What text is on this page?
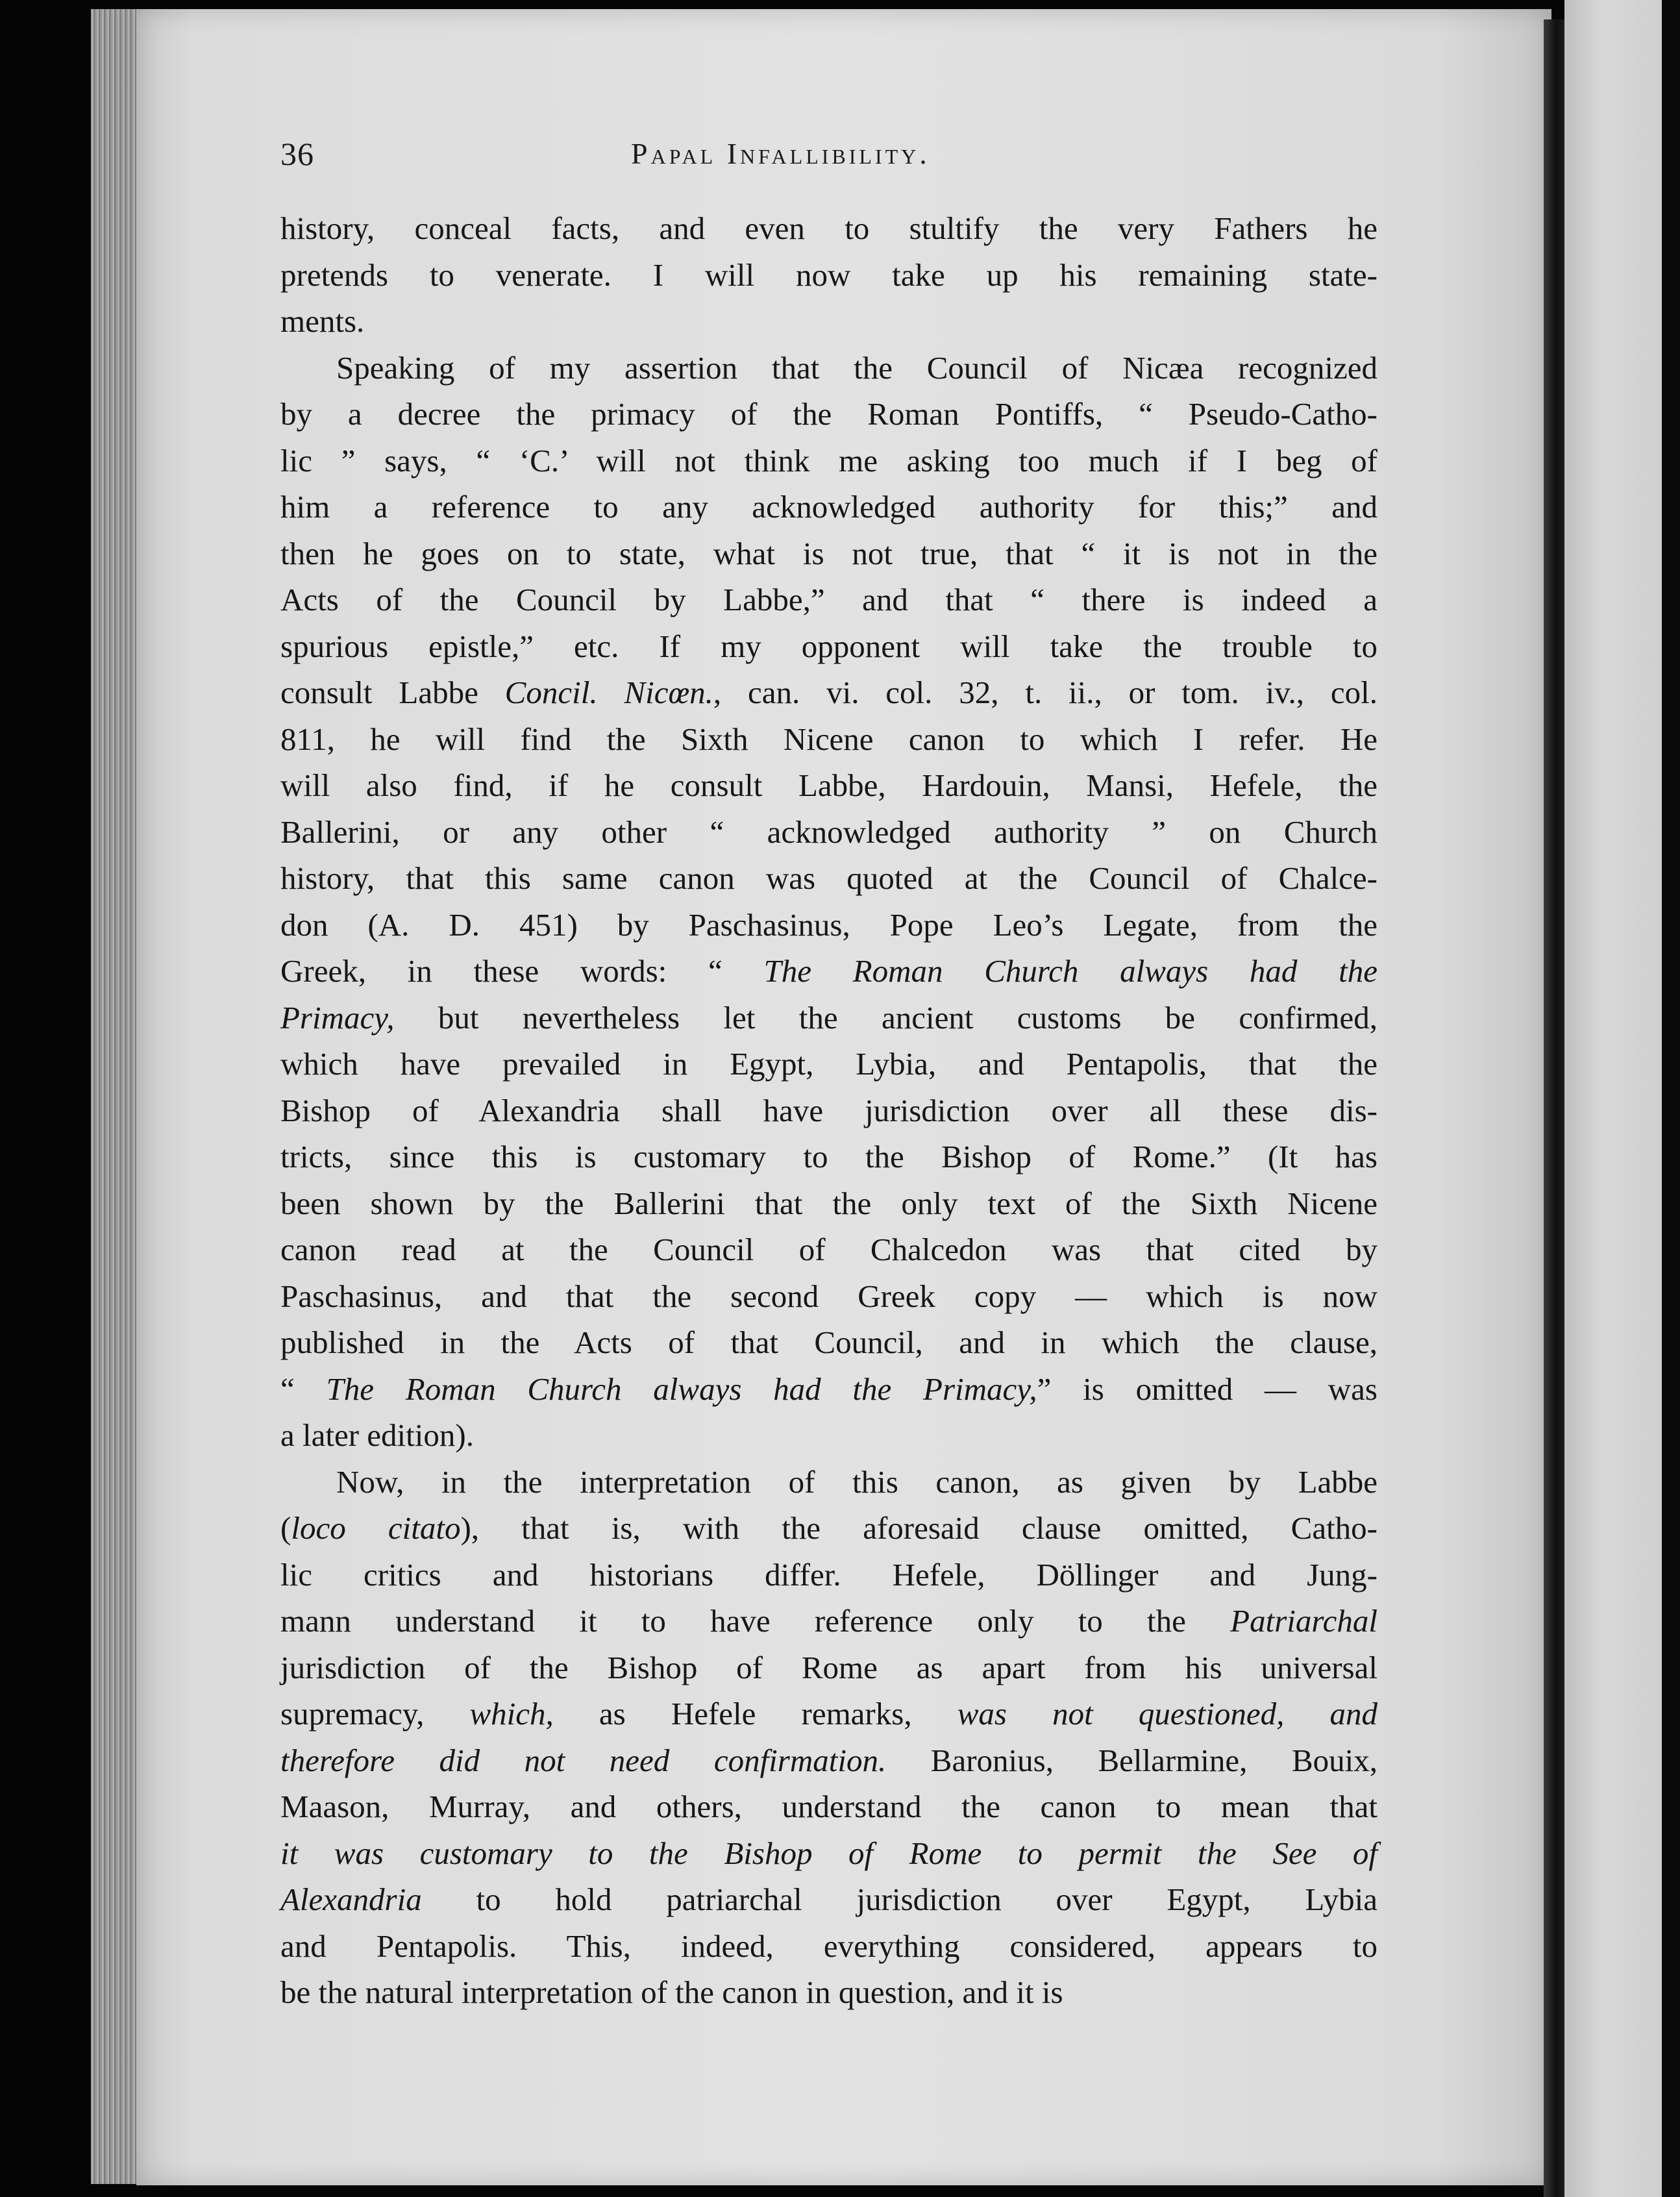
36	Papal Infallibility.
history, conceal facts, and even to stultify the very Fathers he
pretends to venerate. I will now take up his remaining state-
ments.
Speaking of my assertion that the Council of Nicæa recognized
by a decree the primacy of the Roman Pontiffs, “ Pseudo-Catho-
lic ” says, “ ‘C.’ will not think me asking too much if I beg of
him a reference to any acknowledged authority for this;” and
then he goes on to state, what is not true, that “ it is not in the
Acts of the Council by Labbe,” and that “ there is indeed a
spurious epistle,” etc. If my opponent will take the trouble to
consult Labbe Concil. Nicœn., can. vi. col. 32, t. ii., or tom. iv., col.
811, he will find the Sixth Nicene canon to which I refer. He
will also find, if he consult Labbe, Hardouin, Mansi, Hefele, the
Ballerini, or any other “ acknowledged authority ” on Church
history, that this same canon was quoted at the Council of Chalce-
don (A. D. 451) by Paschasinus, Pope Leo’s Legate, from the
Greek, in these words: “ The Roman Church always had the
Primacy, but nevertheless let the ancient customs be confirmed,
which have prevailed in Egypt, Lybia, and Pentapolis, that the
Bishop of Alexandria shall have jurisdiction over all these dis-
tricts, since this is customary to the Bishop of Rome.” (It has
been shown by the Ballerini that the only text of the Sixth Nicene
canon read at the Council of Chalcedon was that cited by
Paschasinus, and that the second Greek copy — which is now
published in the Acts of that Council, and in which the clause,
“ The Roman Church always had the Primacy,” is omitted — was
a later edition).
Now, in the interpretation of this canon, as given by Labbe
(loco citato), that is, with the aforesaid clause omitted, Catho-
lic critics and historians differ. Hefele, Döllinger and Jung-
mann understand it to have reference only to the Patriarchal
jurisdiction of the Bishop of Rome as apart from his universal
supremacy, which, as Hefele remarks, was not questioned, and
therefore did not need confirmation. Baronius, Bellarmine, Bouix,
Maason, Murray, and others, understand the canon to mean that
it was customary to the Bishop of Rome to permit the See of
Alexandria to hold patriarchal jurisdiction over Egypt, Lybia
and Pentapolis. This, indeed, everything considered, appears to
be the natural interpretation of the canon in question, and it is
